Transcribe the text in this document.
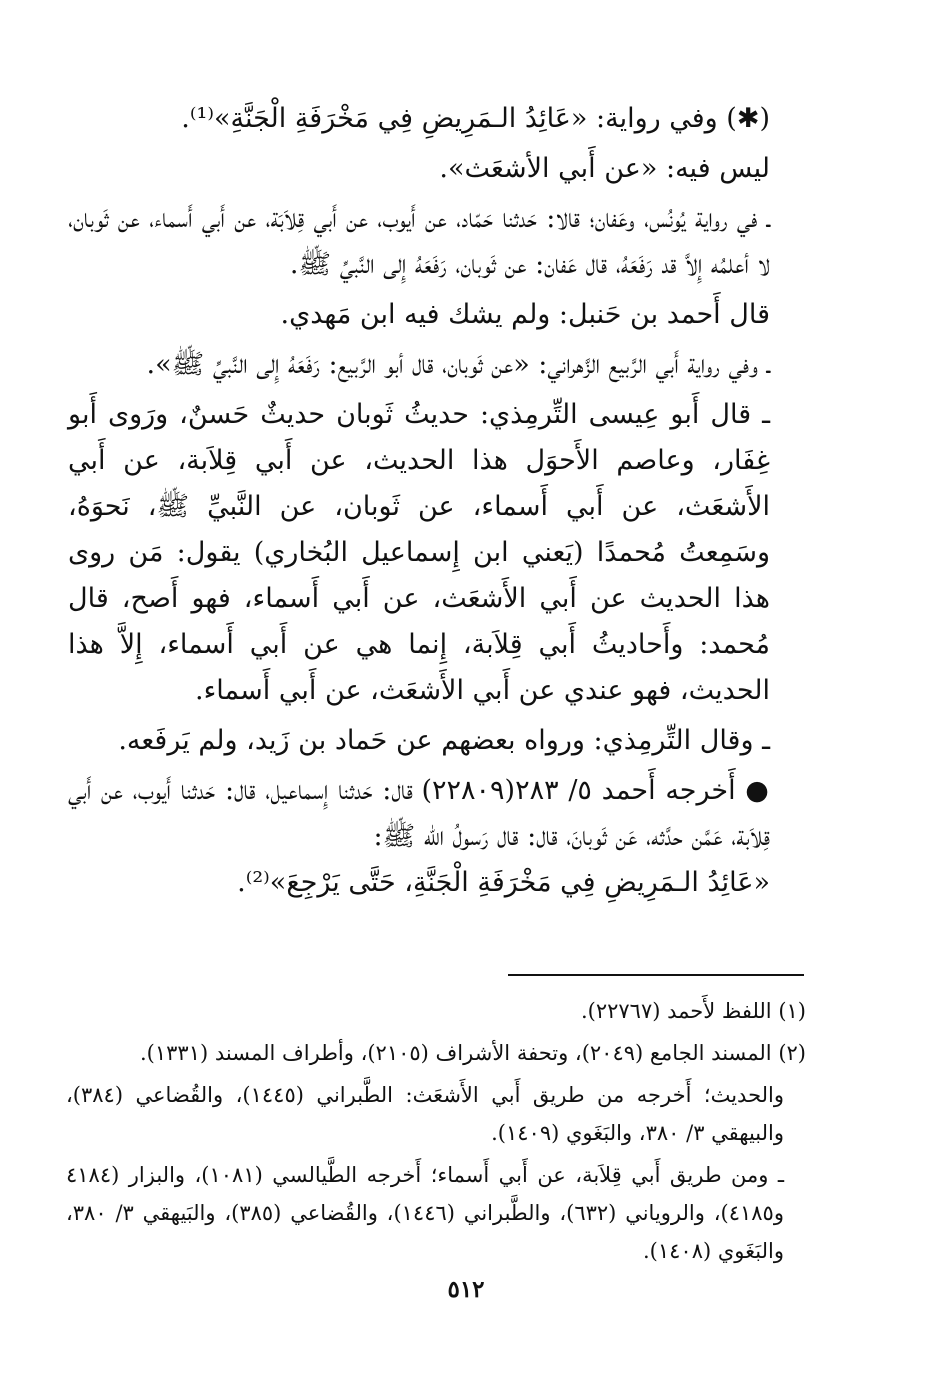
(✱) وفي رواية: «عَائِدُ الـمَرِيضِ فِي مَخْرَفَةِ الْجَنَّةِ»⁽¹⁾.

ليس فيه: «عن أَبي الأشعَث».

ـ في رواية يُونُس، وعَفان؛ قالا: حَدثنا حَمّاد، عن أَيوب، عن أَبي قِلاَبَة، عن أَبي أَسماء، عن ثَوبان، لا أعلمُه إِلاَّ قد رَفَعَهُ، قال عَفان: عن ثَوبان، رَفَعَهُ إِلى النَّبيِّ ﷺ.

قال أَحمد بن حَنبل: ولم يشك فيه ابن مَهدي.

ـ وفي رواية أَبي الرَّبيع الزَّهراني: «عن ثَوبان، قال أبو الرَّبيع: رَفَعَهُ إِلى النَّبيِّ ﷺ».

ـ قال أَبو عِيسى التِّرمِذي: حديثُ ثَوبان حديثٌ حَسنٌ، ورَوى أَبو غِفَار، وعاصم الأَحوَل هذا الحديث، عن أَبي قِلاَبة، عن أَبي الأَشعَث، عن أَبي أَسماء، عن ثَوبان، عن النَّبيِّ ﷺ، نَحوَهُ، وسَمِعتُ مُحمدًا (يَعني ابن إِسماعيل البُخاري) يقول: مَن روى هذا الحديث عن أَبي الأَشعَث، عن أَبي أَسماء، فهو أَصح، قال مُحمد: وأَحاديثُ أَبي قِلاَبة، إِنما هي عن أَبي أَسماء، إِلاَّ هذا الحديث، فهو عندي عن أَبي الأَشعَث، عن أَبي أَسماء.

ـ وقال التِّرمِذي: ورواه بعضهم عن حَماد بن زَيد، ولم يَرفَعه.

● أَخرجه أَحمد ٥/ ٢٨٣(٢٢٨٠٩) قال: حَدثنا إِسماعيل، قال: حَدثنا أَيوب، عن أَبي قِلاَبة، عَمَّن حدَّثه، عَن ثَوبانَ، قال: قال رَسولُ الله ﷺ:

«عَائِدُ الـمَرِيضِ فِي مَخْرَفَةِ الْجَنَّةِ، حَتَّى يَرْجِعَ»⁽²⁾.

(١) اللفظ لأَحمد (٢٢٧٦٧).

(٢) المسند الجامع (٢٠٤٩)، وتحفة الأشراف (٢١٠٥)، وأطراف المسند (١٣٣١).

والحديث؛ أَخرجه من طريق أَبي الأَشعَث: الطَّبراني (١٤٤٥)، والقُضاعي (٣٨٤)، والبيهقي ٣/ ٣٨٠، والبَغَوي (١٤٠٩).

ـ ومن طريق أَبي قِلاَبة، عن أَبي أَسماء؛ أَخرجه الطَّيالسي (١٠٨١)، والبزار (٤١٨٤ و٤١٨٥)، والروياني (٦٣٢)، والطَّبراني (١٤٤٦)، والقُضاعي (٣٨٥)، والبَيهقي ٣/ ٣٨٠، والبَغَوي (١٤٠٨).

٥١٢
